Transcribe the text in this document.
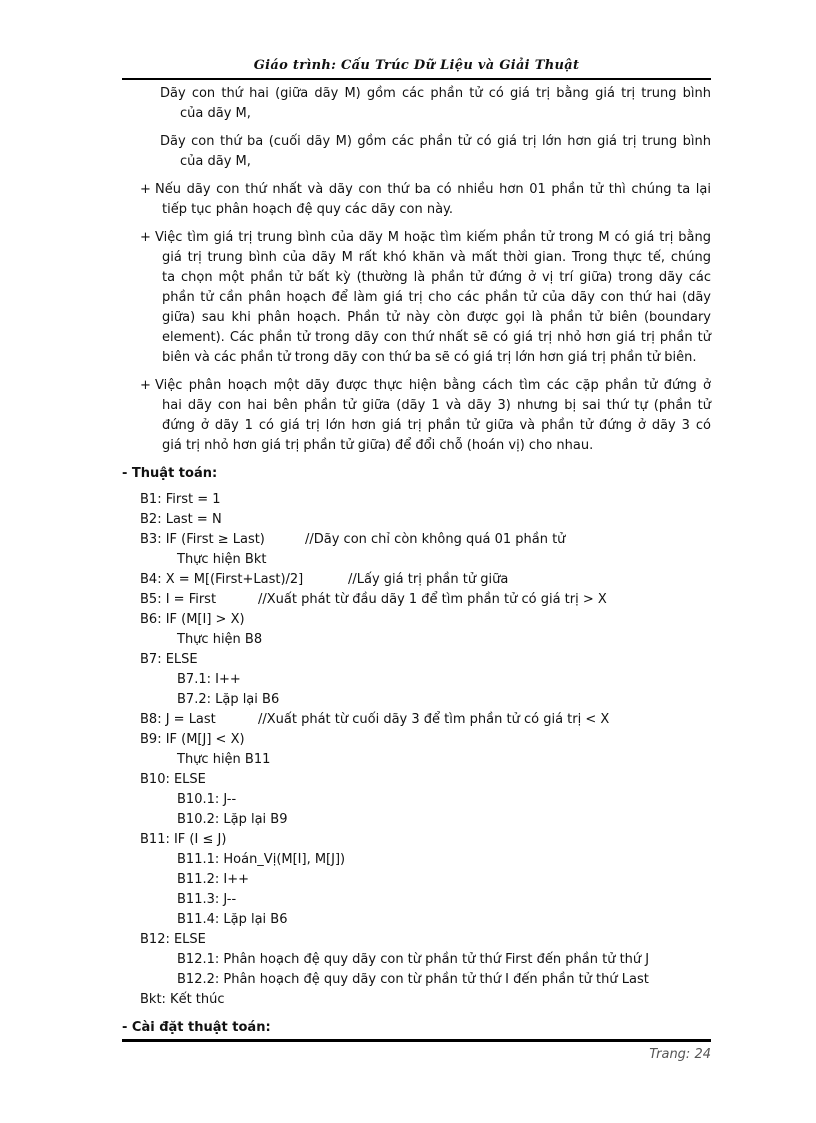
Giáo trình: Cấu Trúc Dữ Liệu và Giải Thuật
Dãy con thứ hai (giữa dãy M) gồm các phần tử có giá trị bằng giá trị trung bình
của dãy M,
Dãy con thứ ba (cuối dãy M) gồm các phần tử có giá trị lớn hơn giá trị trung bình
của dãy M,
+ Nếu dãy con thứ nhất và dãy con thứ ba có nhiều hơn 01 phần tử thì chúng ta lại
tiếp tục phân hoạch đệ quy các dãy con này.
+ Việc tìm giá trị trung bình của dãy M hoặc tìm kiếm phần tử trong M có giá trị bằng
giá trị trung bình của dãy M rất khó khăn và mất thời gian. Trong thực tế, chúng
ta chọn một phần tử bất kỳ (thường là phần tử đứng ở vị trí giữa) trong dãy các
phần tử cần phân hoạch để làm giá trị cho các phần tử của dãy con thứ hai (dãy
giữa) sau khi phân hoạch. Phần tử này còn được gọi là phần tử biên (boundary
element). Các phần tử trong dãy con thứ nhất sẽ có giá trị nhỏ hơn giá trị phần tử
biên và các phần tử trong dãy con thứ ba sẽ có giá trị lớn hơn giá trị phần tử biên.
+ Việc phân hoạch một dãy được thực hiện bằng cách tìm các cặp phần tử đứng ở
hai dãy con hai bên phần tử giữa (dãy 1 và dãy 3) nhưng bị sai thứ tự (phần tử
đứng ở dãy 1 có giá trị lớn hơn giá trị phần tử giữa và phần tử đứng ở dãy 3 có
giá trị nhỏ hơn giá trị phần tử giữa) để đổi chỗ (hoán vị) cho nhau.
- Thuật toán:
B1: First = 1
B2: Last = N
B3: IF (First ≥ Last)	//Dãy con chỉ còn không quá 01 phần tử
Thực hiện Bkt
B4: X = M[(First+Last)/2]	//Lấy giá trị phần tử giữa
B5: I = First	//Xuất phát từ đầu dãy 1 để tìm phần tử có giá trị > X
B6: IF (M[I] > X)
Thực hiện B8
B7: ELSE
B7.1: I++
B7.2: Lặp lại B6
B8: J = Last	//Xuất phát từ cuối dãy 3 để tìm phần tử có giá trị < X
B9: IF (M[J] < X)
Thực hiện B11
B10: ELSE
B10.1: J--
B10.2: Lặp lại B9
B11: IF (I ≤ J)
B11.1: Hoán_Vị(M[I], M[J])
B11.2: I++
B11.3: J--
B11.4: Lặp lại B6
B12: ELSE
B12.1: Phân hoạch đệ quy dãy con từ phần tử thứ First đến phần tử thứ J
B12.2: Phân hoạch đệ quy dãy con từ phần tử thứ I đến phần tử thứ Last
Bkt: Kết thúc
- Cài đặt thuật toán:
Trang: 24
